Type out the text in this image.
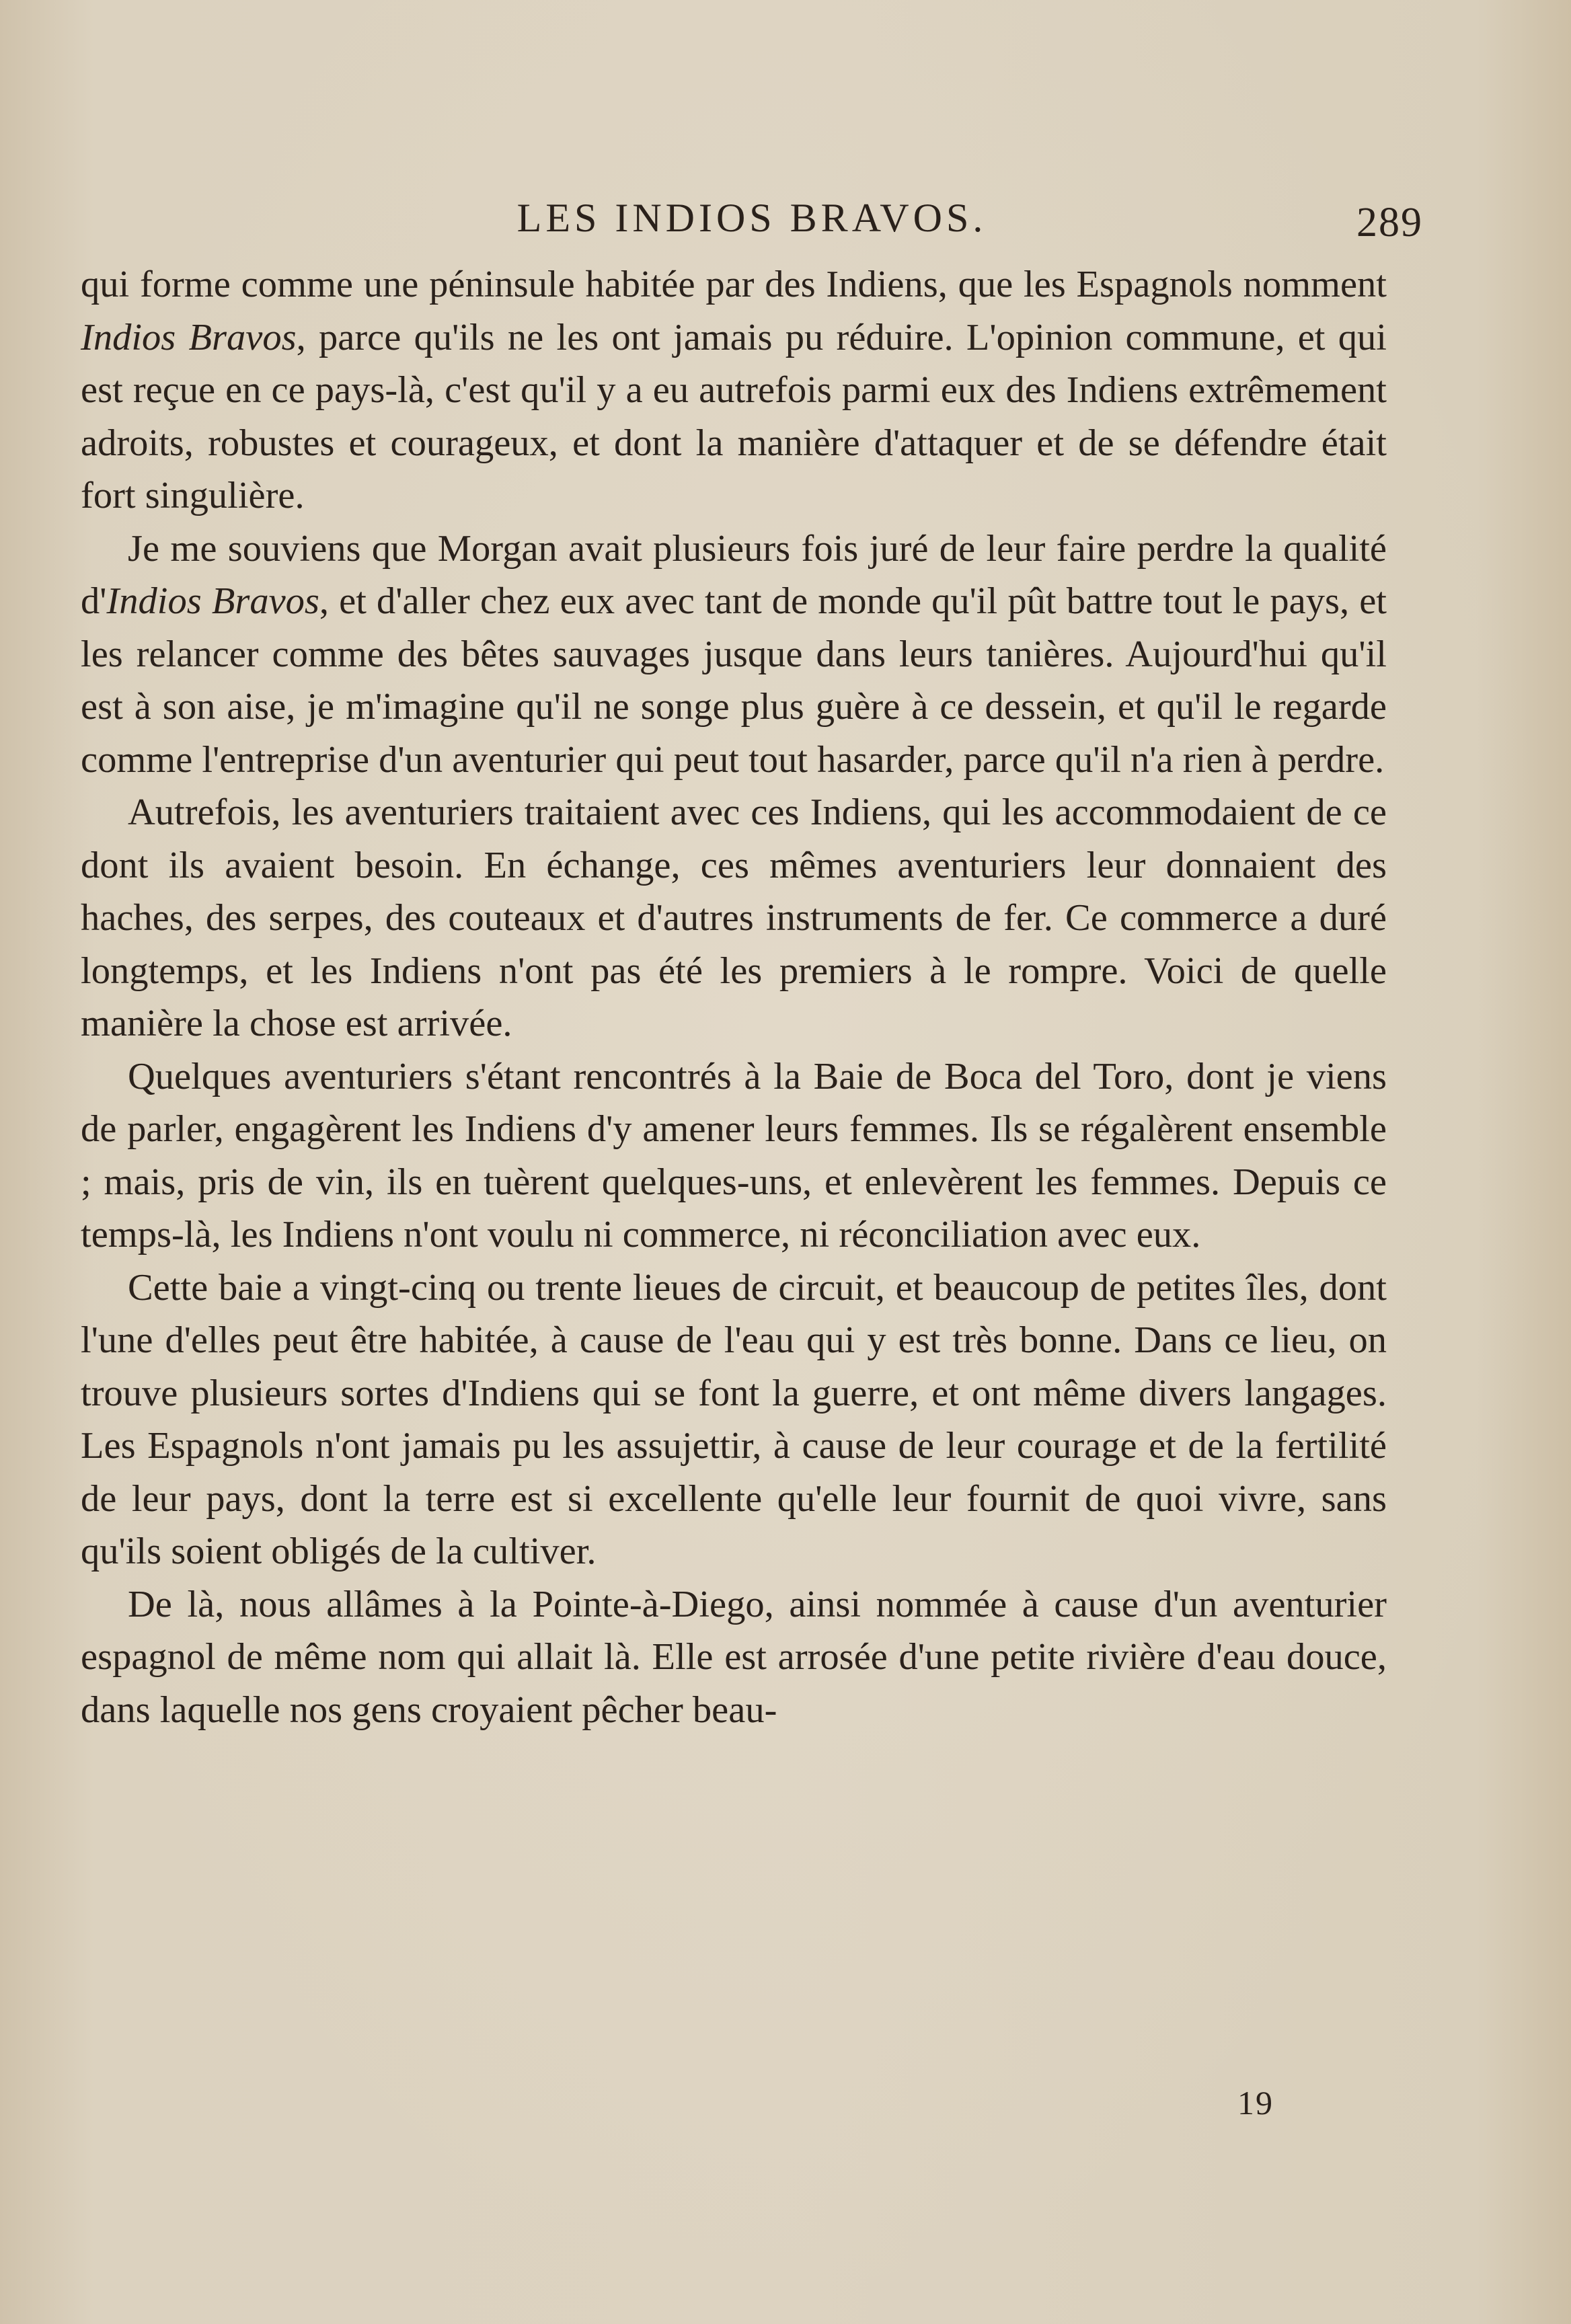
LES INDIOS BRAVOS.	289

qui forme comme une péninsule habitée par des Indiens, que les Espagnols nomment Indios Bravos, parce qu'ils ne les ont jamais pu réduire. L'opinion commune, et qui est reçue en ce pays-là, c'est qu'il y a eu autrefois parmi eux des Indiens extrêmement adroits, robustes et courageux, et dont la manière d'attaquer et de se défendre était fort singulière.

Je me souviens que Morgan avait plusieurs fois juré de leur faire perdre la qualité d'Indios Bravos, et d'aller chez eux avec tant de monde qu'il pût battre tout le pays, et les relancer comme des bêtes sauvages jusque dans leurs tanières. Aujourd'hui qu'il est à son aise, je m'imagine qu'il ne songe plus guère à ce dessein, et qu'il le regarde comme l'entreprise d'un aventurier qui peut tout hasarder, parce qu'il n'a rien à perdre.

Autrefois, les aventuriers traitaient avec ces Indiens, qui les accommodaient de ce dont ils avaient besoin. En échange, ces mêmes aventuriers leur donnaient des haches, des serpes, des couteaux et d'autres instruments de fer. Ce commerce a duré longtemps, et les Indiens n'ont pas été les premiers à le rompre. Voici de quelle manière la chose est arrivée.

Quelques aventuriers s'étant rencontrés à la Baie de Boca del Toro, dont je viens de parler, engagèrent les Indiens d'y amener leurs femmes. Ils se régalèrent ensemble ; mais, pris de vin, ils en tuèrent quelques-uns, et enlevèrent les femmes. Depuis ce temps-là, les Indiens n'ont voulu ni commerce, ni réconciliation avec eux.

Cette baie a vingt-cinq ou trente lieues de circuit, et beaucoup de petites îles, dont l'une d'elles peut être habitée, à cause de l'eau qui y est très bonne. Dans ce lieu, on trouve plusieurs sortes d'Indiens qui se font la guerre, et ont même divers langages. Les Espagnols n'ont jamais pu les assujettir, à cause de leur courage et de la fertilité de leur pays, dont la terre est si excellente qu'elle leur fournit de quoi vivre, sans qu'ils soient obligés de la cultiver.

De là, nous allâmes à la Pointe-à-Diego, ainsi nommée à cause d'un aventurier espagnol de même nom qui allait là. Elle est arrosée d'une petite rivière d'eau douce, dans laquelle nos gens croyaient pêcher beau-

19
